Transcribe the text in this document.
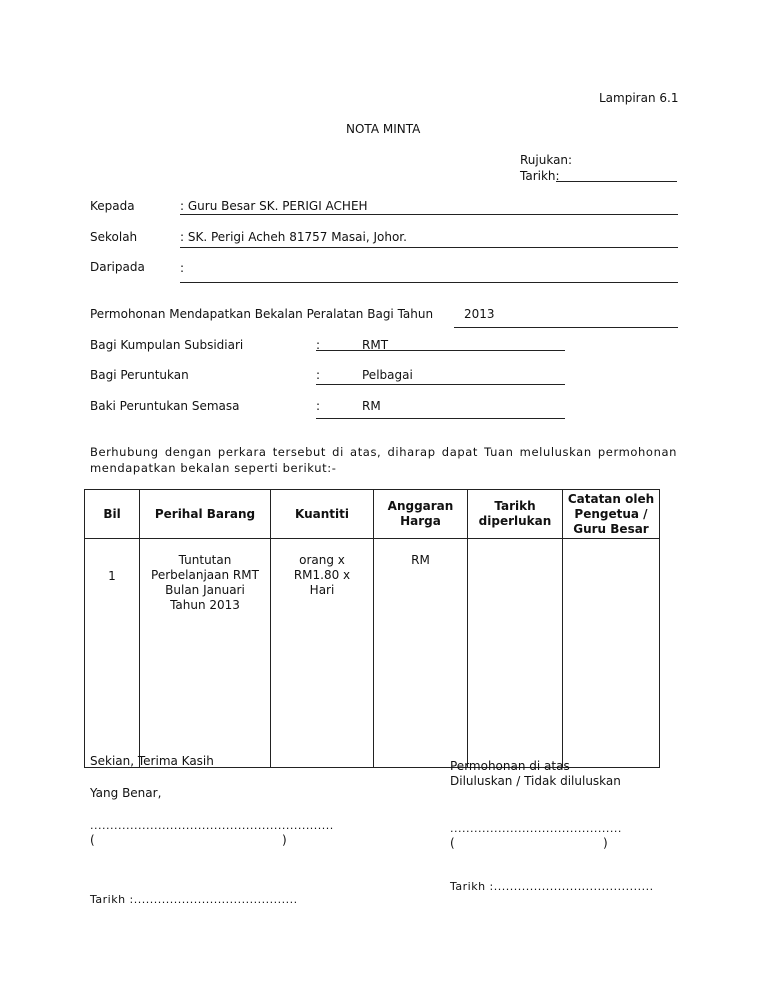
Lampiran 6.1
NOTA MINTA
Rujukan:
Tarikh:
Kepada	: Guru Besar SK. PERIGI ACHEH
Sekolah	: SK. Perigi Acheh 81757 Masai, Johor.
Daripada	:
Permohonan Mendapatkan Bekalan Peralatan Bagi Tahun	2013
Bagi Kumpulan Subsidiari	:	RMT
Bagi Peruntukan	:	Pelbagai
Baki Peruntukan Semasa	:	RM
Berhubung dengan perkara tersebut di atas, diharap dapat Tuan meluluskan permohonan mendapatkan bekalan seperti berikut:-
Bil	Perihal Barang	Kuantiti	Anggaran Harga	Tarikh diperlukan	Catatan oleh Pengetua / Guru Besar
1	Tuntutan Perbelanjaan RMT Bulan Januari Tahun 2013	orang x RM1.80 x Hari	RM		
Sekian, Terima Kasih
Yang Benar,
.............................................................
(	)
Tarikh :.........................................
Permohonan di atas
Diluluskan / Tidak diluluskan
...........................................
(	)
Tarikh :........................................
